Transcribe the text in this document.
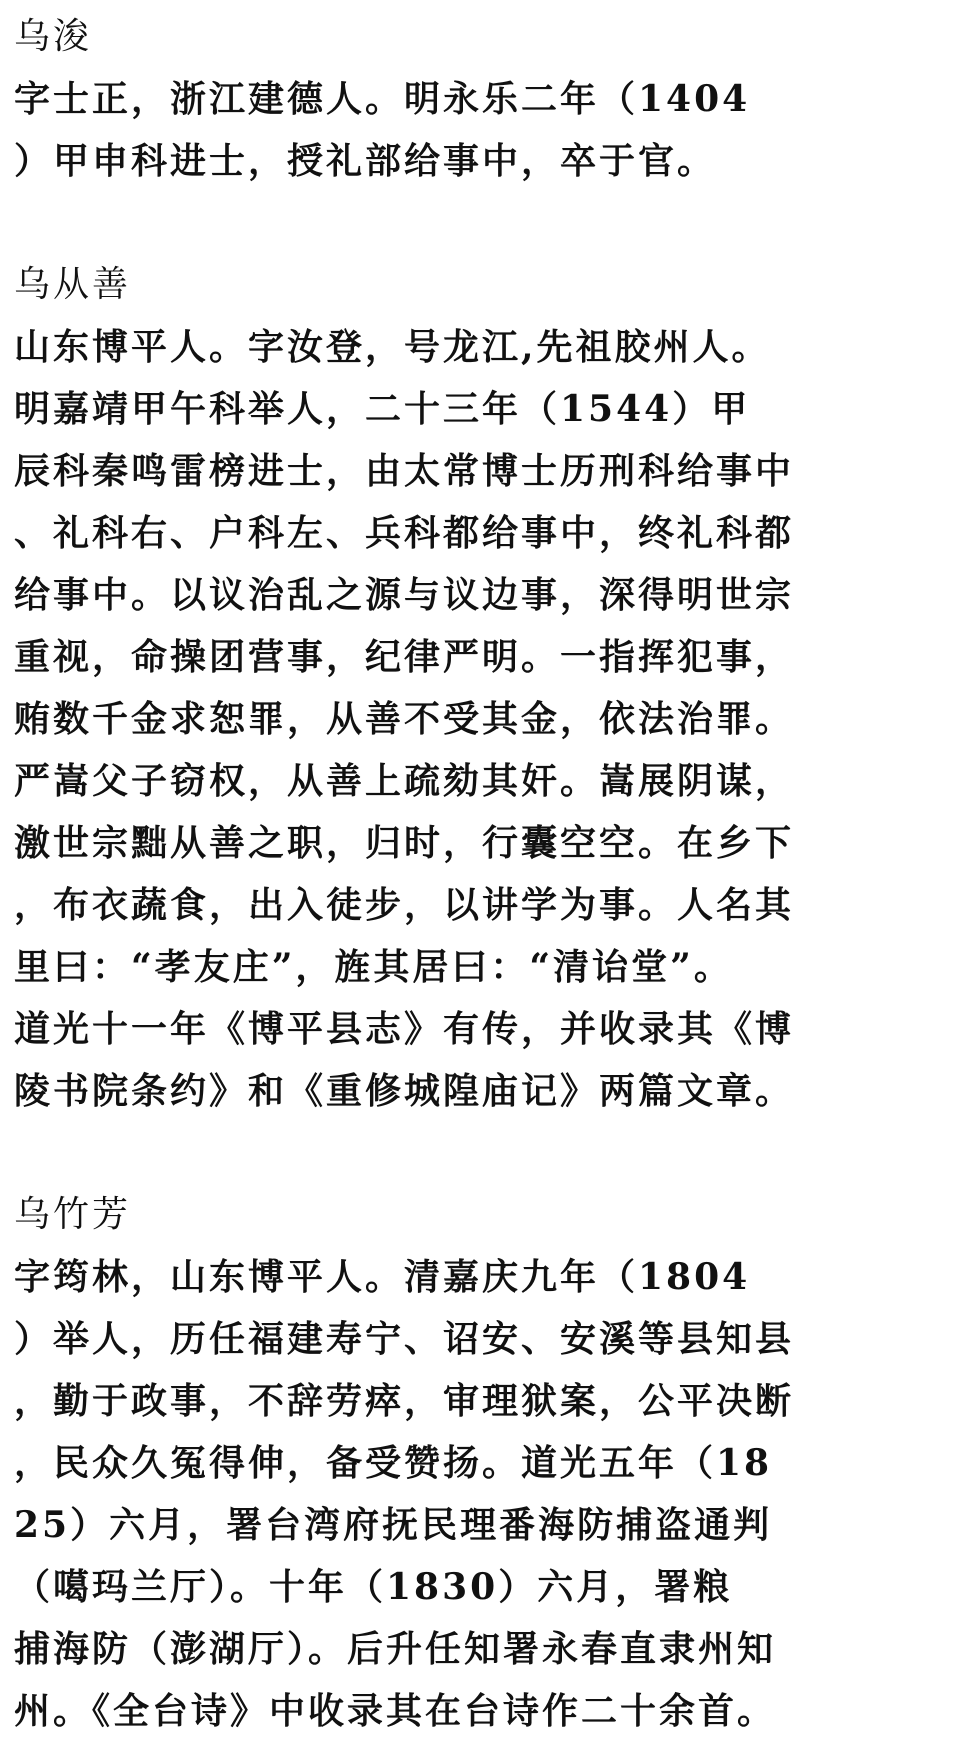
乌浚
字士正，浙江建德人。明永乐二年（1404
）甲申科进士，授礼部给事中，卒于官。
乌从善
山东博平人。字汝登，号龙江,先祖胶州人。
明嘉靖甲午科举人，二十三年（1544）甲
辰科秦鸣雷榜进士，由太常博士历刑科给事中
、礼科右、户科左、兵科都给事中，终礼科都
给事中。以议治乱之源与议边事，深得明世宗
重视，命操团营事，纪律严明。一指挥犯事，
贿数千金求恕罪，从善不受其金，依法治罪。
严嵩父子窃权，从善上疏劾其奸。嵩展阴谋，
激世宗黜从善之职，归时，行囊空空。在乡下
，布衣蔬食，出入徒步，以讲学为事。人名其
里曰：“孝友庄”，旌其居曰：“清诒堂”。
道光十一年《博平县志》有传，并收录其《博
陵书院条约》和《重修城隍庙记》两篇文章。
乌竹芳
字筠林，山东博平人。清嘉庆九年（1804
）举人，历任福建寿宁、诏安、安溪等县知县
，勤于政事，不辞劳瘁，审理狱案，公平决断
，民众久冤得伸，备受赞扬。道光五年（18
25）六月，署台湾府抚民理番海防捕盗通判
（噶玛兰厅）。十年（1830）六月，署粮
捕海防（澎湖厅）。后升任知署永春直隶州知
州。《全台诗》中收录其在台诗作二十余首。
